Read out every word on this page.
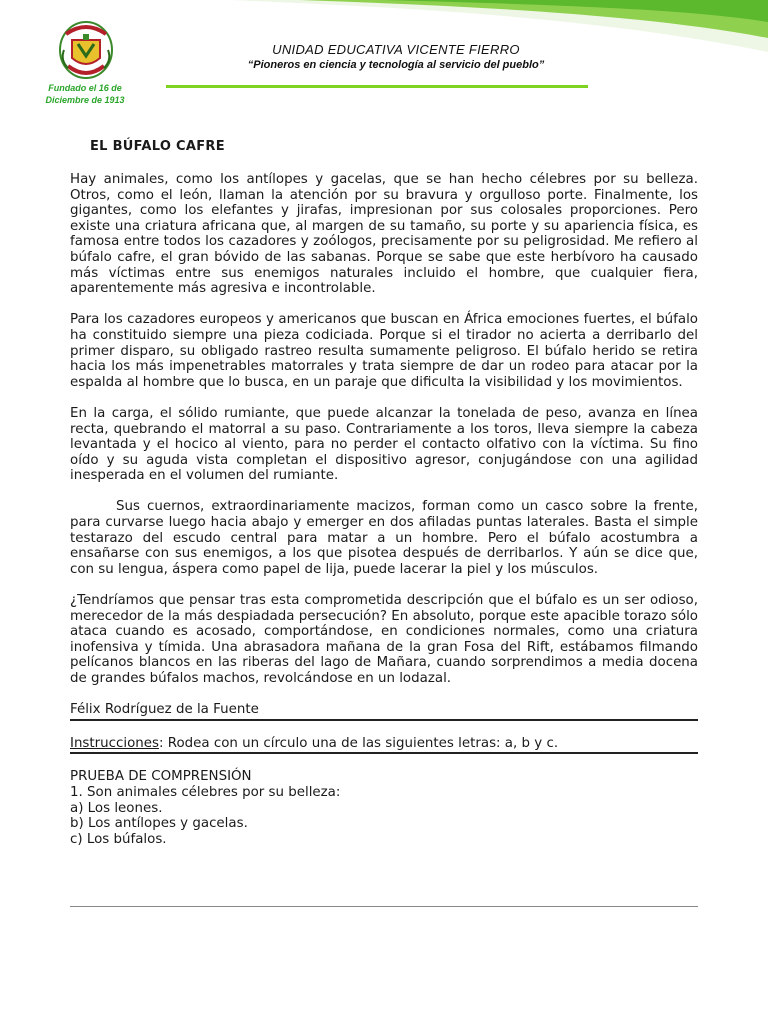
Fundado el 16 de
Diciembre de 1913
UNIDAD EDUCATIVA VICENTE FIERRO
“Pioneros en ciencia y tecnología al servicio del pueblo”
EL BÚFALO CAFRE

Hay animales, como los antílopes y gacelas, que se han hecho célebres por su belleza. Otros, como el león, llaman la atención por su bravura y orgulloso porte. Finalmente, los gigantes, como los elefantes y jirafas, impresionan por sus colosales proporciones. Pero existe una criatura africana que, al margen de su tamaño, su porte y su apariencia física, es famosa entre todos los cazadores y zoólogos, precisamente por su peligrosidad. Me refiero al búfalo cafre, el gran bóvido de las sabanas. Porque se sabe que este herbívoro ha causado más víctimas entre sus enemigos naturales incluido el hombre, que cualquier fiera, aparentemente más agresiva e incontrolable.

Para los cazadores europeos y americanos que buscan en África emociones fuertes, el búfalo ha constituido siempre una pieza codiciada. Porque si el tirador no acierta a derribarlo del primer disparo, su obligado rastreo resulta sumamente peligroso. El búfalo herido se retira hacia los más impenetrables matorrales y trata siempre de dar un rodeo para atacar por la espalda al hombre que lo busca, en un paraje que dificulta la visibilidad y los movimientos.

En la carga, el sólido rumiante, que puede alcanzar la tonelada de peso, avanza en línea recta, quebrando el matorral a su paso. Contrariamente a los toros, lleva siempre la cabeza levantada y el hocico al viento, para no perder el contacto olfativo con la víctima. Su fino oído y su aguda vista completan el dispositivo agresor, conjugándose con una agilidad inesperada en el volumen del rumiante.

Sus cuernos, extraordinariamente macizos, forman como un casco sobre la frente, para curvarse luego hacia abajo y emerger en dos afiladas puntas laterales. Basta el simple testarazo del escudo central para matar a un hombre. Pero el búfalo acostumbra a ensañarse con sus enemigos, a los que pisotea después de derribarlos. Y aún se dice que, con su lengua, áspera como papel de lija, puede lacerar la piel y los músculos.

¿Tendríamos que pensar tras esta comprometida descripción que el búfalo es un ser odioso, merecedor de la más despiadada persecución? En absoluto, porque este apacible torazo sólo ataca cuando es acosado, comportándose, en condiciones normales, como una criatura inofensiva y tímida. Una abrasadora mañana de la gran Fosa del Rift, estábamos filmando pelícanos blancos en las riberas del lago de Mañara, cuando sorprendimos a media docena de grandes búfalos machos, revolcándose en un lodazal.

Félix Rodríguez de la Fuente
Instrucciones: Rodea con un círculo una de las siguientes letras: a, b y c.
PRUEBA DE COMPRENSIÓN
1. Son animales célebres por su belleza:
a) Los leones.
b) Los antílopes y gacelas.
c) Los búfalos.
